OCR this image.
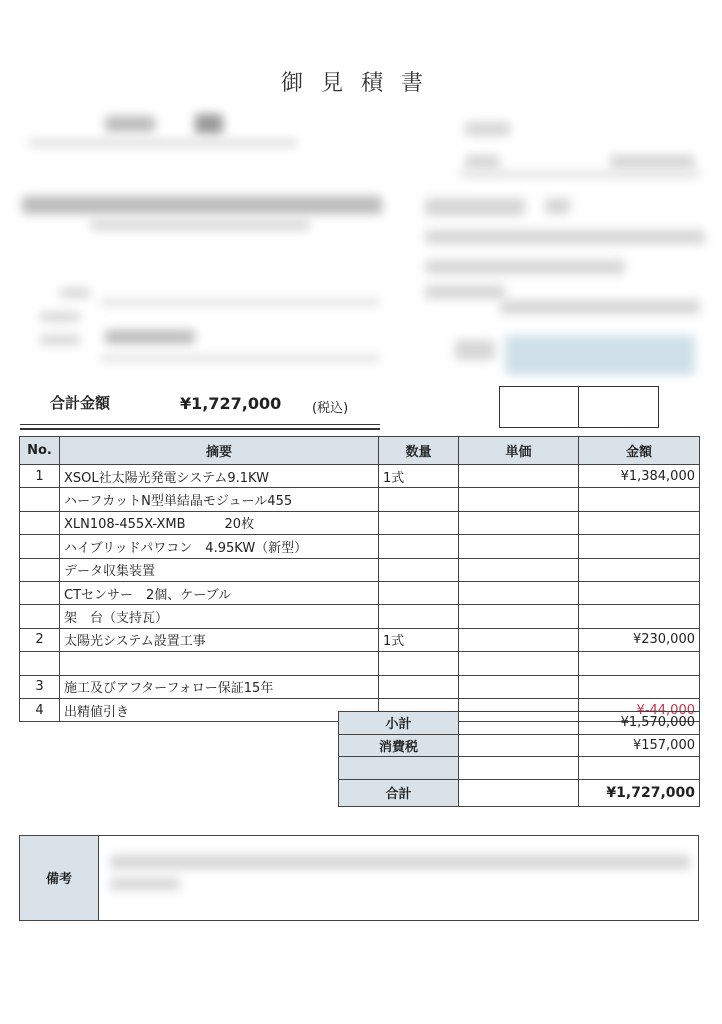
御見積書
合計金額	¥1,727,000 (税込)
No.	摘要	数量	単価	金額
1	XSOL社太陽光発電システム9.1KW	1式		¥1,384,000
	ハーフカットN型単結晶モジュール455			
	XLN108-455X-XMB　　　20枚			
	ハイブリッドパワコン　4.95KW（新型）			
	データ収集装置			
	CTセンサー　2個、ケーブル			
	架　台（支持瓦）			
2	太陽光システム設置工事	1式		¥230,000

3	施工及びアフターフォロー保証15年			
4	出精値引き			¥-44,000
小計		¥1,570,000
消費税		¥157,000

合計		¥1,727,000
備考
